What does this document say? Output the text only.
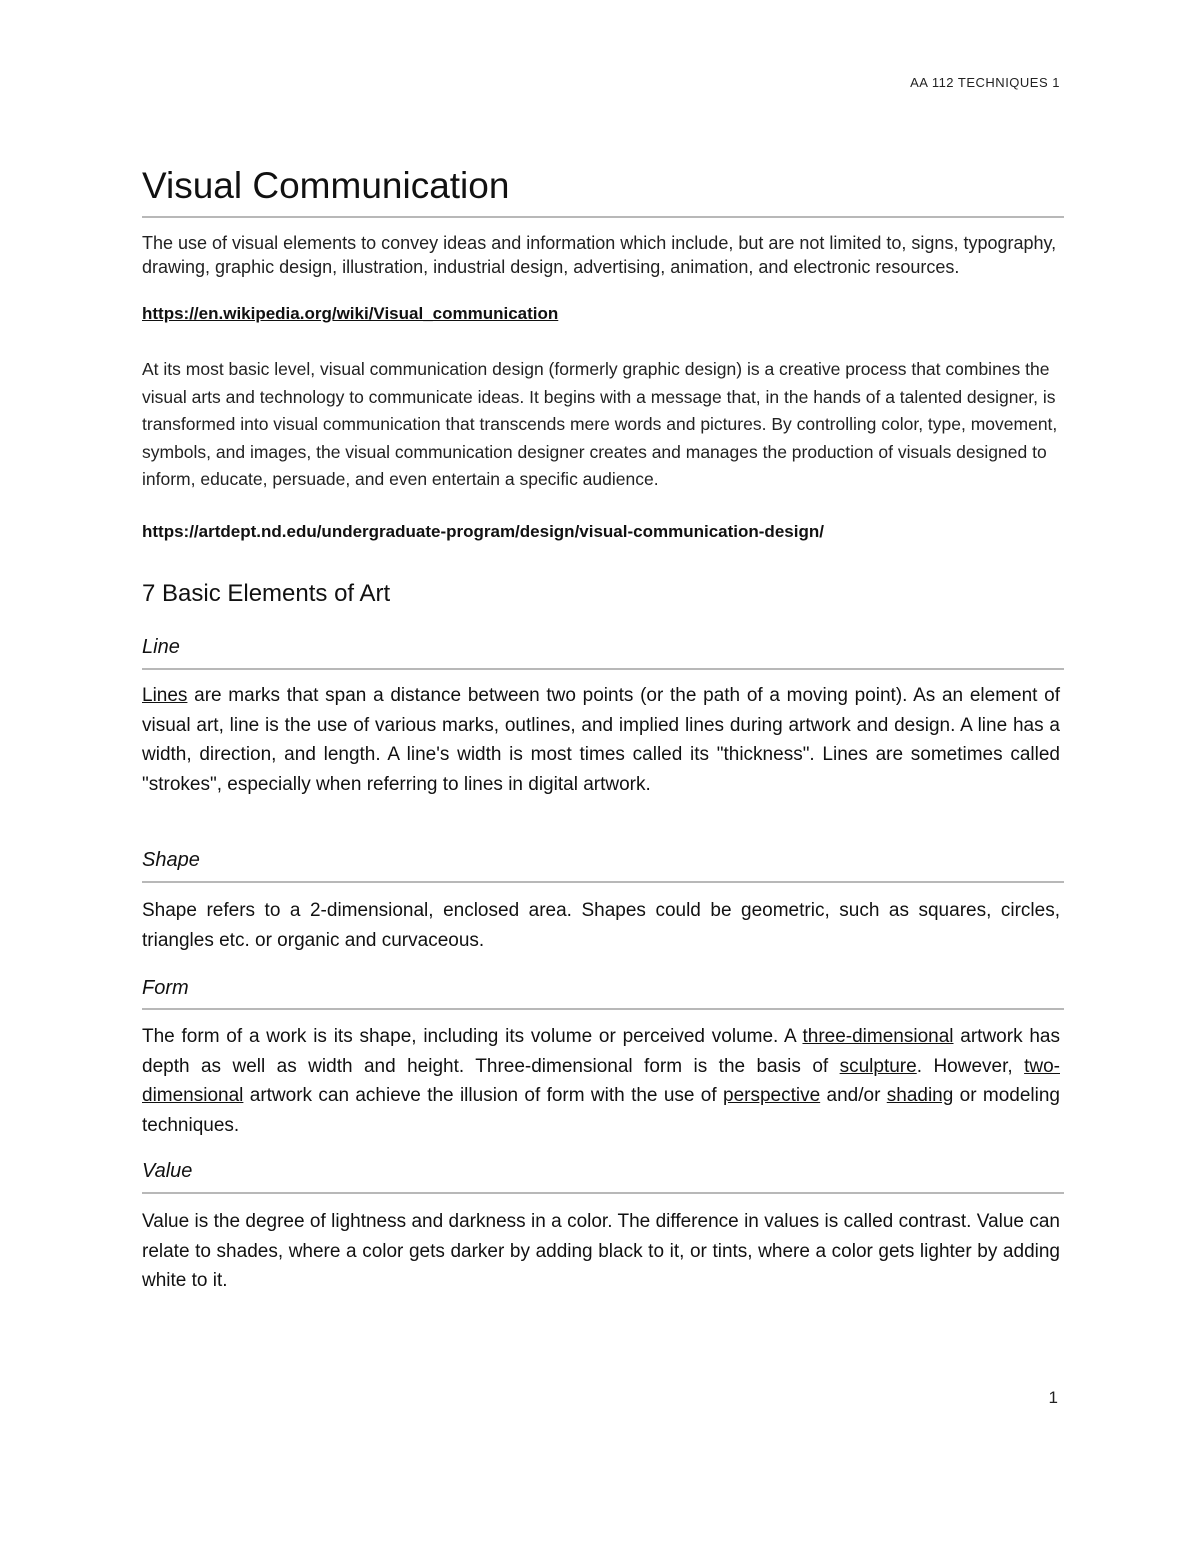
AA 112 TECHNIQUES 1
Visual Communication
The use of visual elements to convey ideas and information which include, but are not limited to, signs, typography, drawing, graphic design, illustration, industrial design, advertising, animation, and electronic resources.
https://en.wikipedia.org/wiki/Visual_communication
At its most basic level, visual communication design (formerly graphic design) is a creative process that combines the visual arts and technology to communicate ideas. It begins with a message that, in the hands of a talented designer, is transformed into visual communication that transcends mere words and pictures. By controlling color, type, movement, symbols, and images, the visual communication designer creates and manages the production of visuals designed to inform, educate, persuade, and even entertain a specific audience.
https://artdept.nd.edu/undergraduate-program/design/visual-communication-design/
7 Basic Elements of Art
Line
Lines are marks that span a distance between two points (or the path of a moving point). As an element of visual art, line is the use of various marks, outlines, and implied lines during artwork and design. A line has a width, direction, and length. A line's width is most times called its "thickness". Lines are sometimes called "strokes", especially when referring to lines in digital artwork.
Shape
Shape refers to a 2-dimensional, enclosed area. Shapes could be geometric, such as squares, circles, triangles etc. or organic and curvaceous.
Form
The form of a work is its shape, including its volume or perceived volume. A three-dimensional artwork has depth as well as width and height. Three-dimensional form is the basis of sculpture. However, two-dimensional artwork can achieve the illusion of form with the use of perspective and/or shading or modeling techniques.
Value
Value is the degree of lightness and darkness in a color. The difference in values is called contrast. Value can relate to shades, where a color gets darker by adding black to it, or tints, where a color gets lighter by adding white to it.
1
